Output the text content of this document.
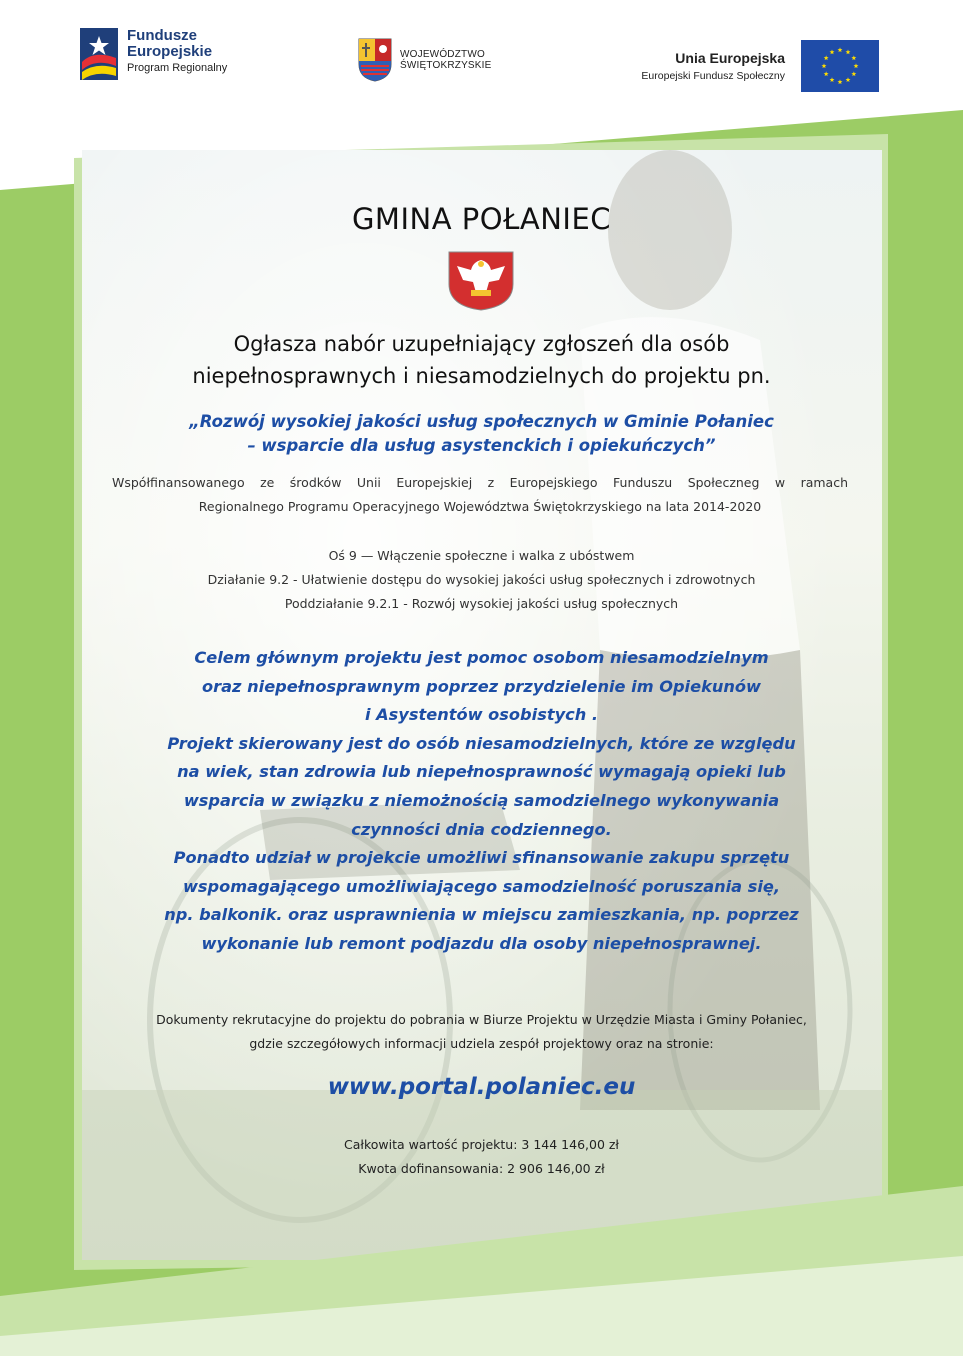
Fundusze
Europejskie
Program Regionalny
WOJEWÓDZTWO
ŚWIĘTOKRZYSKIE	Unia Europejska
Europejski Fundusz Społeczny
GMINA POŁANIEC
Ogłasza nabór uzupełniający zgłoszeń dla osób
niepełnosprawnych i niesamodzielnych do projektu pn.
„Rozwój wysokiej jakości usług społecznych w Gminie Połaniec
– wsparcie dla usług asystenckich i opiekuńczych”
Współfinansowanego ze środków Unii Europejskiej z Europejskiego Funduszu Społeczneg w ramach
Regionalnego Programu Operacyjnego Województwa Świętokrzyskiego na lata 2014-2020
Oś 9 — Włączenie społeczne i walka z ubóstwem
Działanie 9.2 - Ułatwienie dostępu do wysokiej jakości usług społecznych i zdrowotnych
Poddziałanie 9.2.1 - Rozwój wysokiej jakości usług społecznych
Celem głównym projektu jest pomoc osobom niesamodzielnym
oraz niepełnosprawnym poprzez przydzielenie im Opiekunów
i Asystentów osobistych .
Projekt skierowany jest do osób niesamodzielnych, które ze względu
na wiek, stan zdrowia lub niepełnosprawność wymagają opieki lub
wsparcia w związku z niemożnością samodzielnego wykonywania
czynności dnia codziennego.
Ponadto udział w projekcie umożliwi sfinansowanie zakupu sprzętu
wspomagającego umożliwiającego samodzielność poruszania się,
np. balkonik. oraz usprawnienia w miejscu zamieszkania, np. poprzez
wykonanie lub remont podjazdu dla osoby niepełnosprawnej.
Dokumenty rekrutacyjne do projektu do pobrania w Biurze Projektu w Urzędzie Miasta i Gminy Połaniec,
gdzie szczegółowych informacji udziela zespół projektowy oraz na stronie:
www.portal.polaniec.eu
Całkowita wartość projektu: 3 144 146,00 zł
Kwota dofinansowania: 2 906 146,00 zł
